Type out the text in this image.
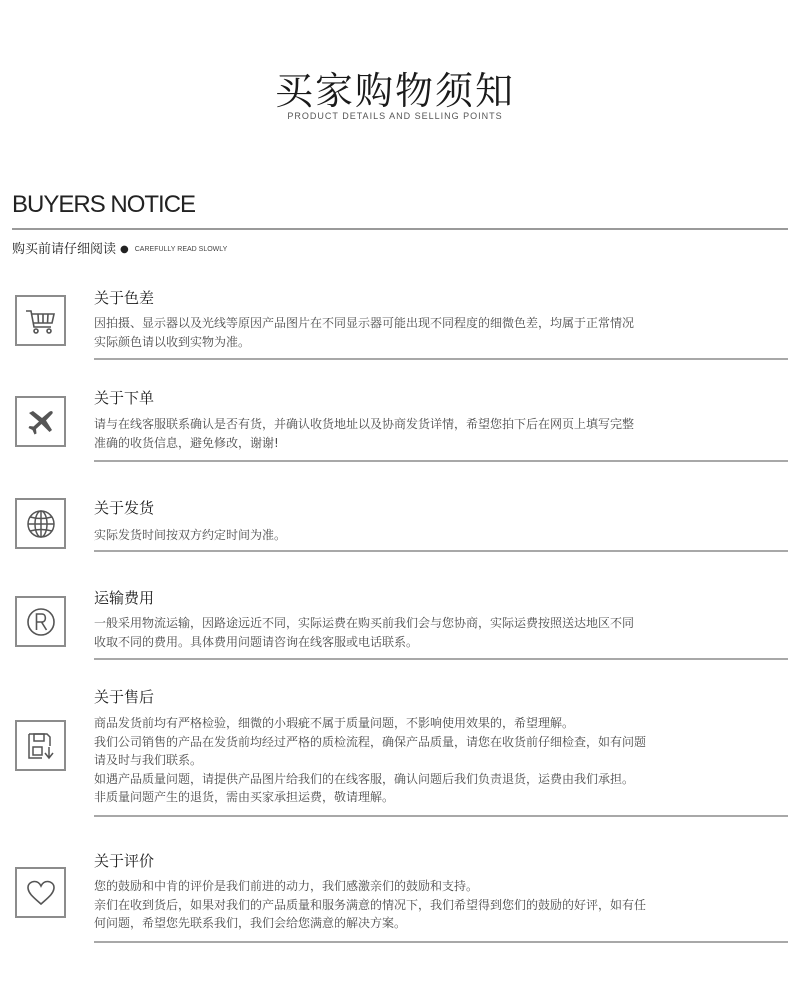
买家购物须知
PRODUCT DETAILS AND SELLING POINTS
BUYERS NOTICE
购买前请仔细阅读 ● CAREFULLY READ SLOWLY
关于色差
因拍摄、显示器以及光线等原因产品图片在不同显示器可能出现不同程度的细微色差，均属于正常情况
实际颜色请以收到实物为准。
关于下单
请与在线客服联系确认是否有货，并确认收货地址以及协商发货详情，希望您拍下后在网页上填写完整
准确的收货信息，避免修改，谢谢!
关于发货
实际发货时间按双方约定时间为准。
运输费用
一般采用物流运输，因路途远近不同，实际运费在购买前我们会与您协商，实际运费按照送达地区不同
收取不同的费用。具体费用问题请咨询在线客服或电话联系。
关于售后
商品发货前均有严格检验，细微的小瑕疵不属于质量问题，不影响使用效果的，希望理解。
我们公司销售的产品在发货前均经过严格的质检流程，确保产品质量，请您在收货前仔细检查，如有问题
请及时与我们联系。
如遇产品质量问题，请提供产品图片给我们的在线客服，确认问题后我们负责退货，运费由我们承担。
非质量问题产生的退货，需由买家承担运费，敬请理解。
关于评价
您的鼓励和中肯的评价是我们前进的动力，我们感激亲们的鼓励和支持。
亲们在收到货后，如果对我们的产品质量和服务满意的情况下，我们希望得到您们的鼓励的好评，如有任
何问题，希望您先联系我们，我们会给您满意的解决方案。
